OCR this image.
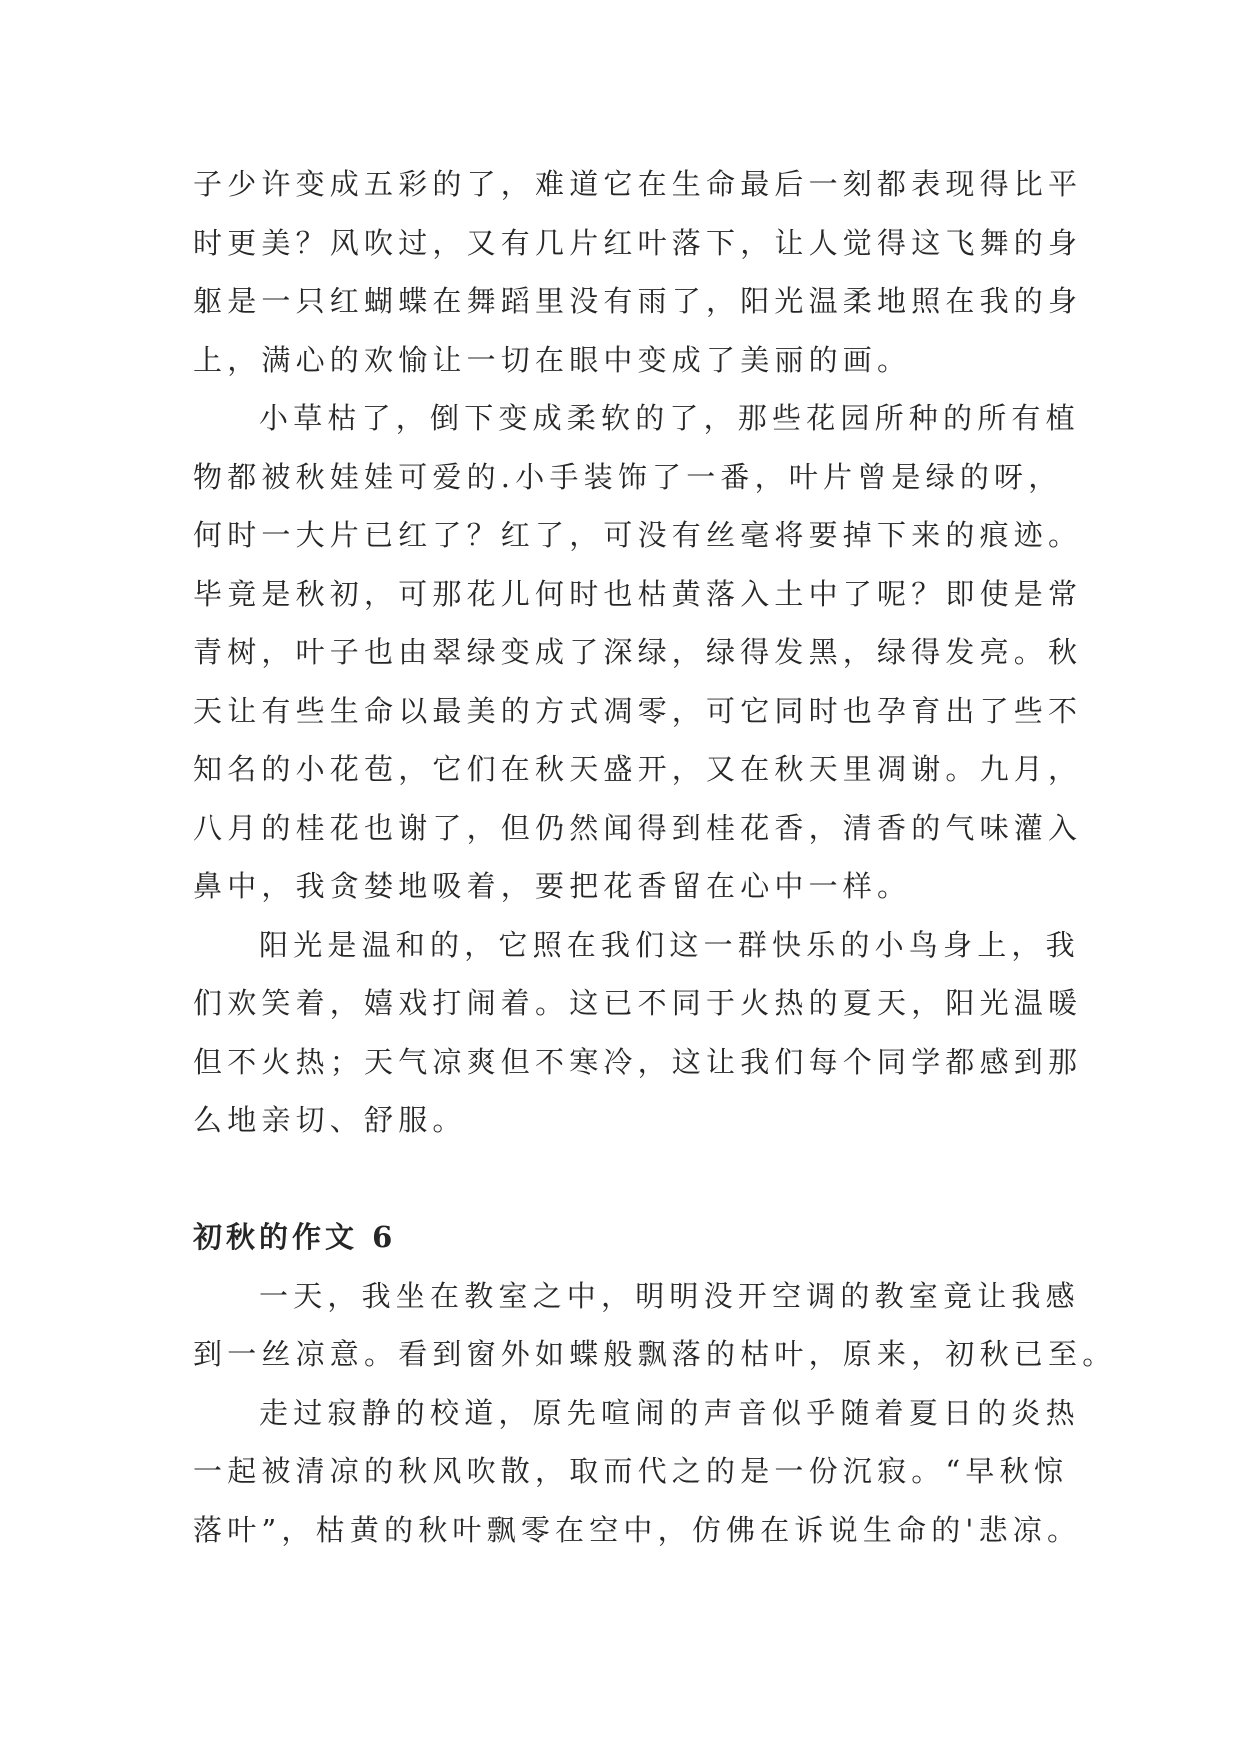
子少许变成五彩的了，难道它在生命最后一刻都表现得比平
时更美？风吹过，又有几片红叶落下，让人觉得这飞舞的身
躯是一只红蝴蝶在舞蹈里没有雨了，阳光温柔地照在我的身
上，满心的欢愉让一切在眼中变成了美丽的画。

小草枯了，倒下变成柔软的了，那些花园所种的所有植
物都被秋娃娃可爱的.小手装饰了一番，叶片曾是绿的呀，
何时一大片已红了？红了，可没有丝毫将要掉下来的痕迹。
毕竟是秋初，可那花儿何时也枯黄落入土中了呢？即使是常
青树，叶子也由翠绿变成了深绿，绿得发黑，绿得发亮。秋
天让有些生命以最美的方式凋零，可它同时也孕育出了些不
知名的小花苞，它们在秋天盛开，又在秋天里凋谢。九月，
八月的桂花也谢了，但仍然闻得到桂花香，清香的气味灌入
鼻中，我贪婪地吸着，要把花香留在心中一样。

阳光是温和的，它照在我们这一群快乐的小鸟身上，我
们欢笑着，嬉戏打闹着。这已不同于火热的夏天，阳光温暖
但不火热；天气凉爽但不寒冷，这让我们每个同学都感到那
么地亲切、舒服。

初秋的作文 6

一天，我坐在教室之中，明明没开空调的教室竟让我感
到一丝凉意。看到窗外如蝶般飘落的枯叶，原来，初秋已至。

走过寂静的校道，原先喧闹的声音似乎随着夏日的炎热
一起被清凉的秋风吹散，取而代之的是一份沉寂。“早秋惊
落叶”，枯黄的秋叶飘零在空中，仿佛在诉说生命的'悲凉。
